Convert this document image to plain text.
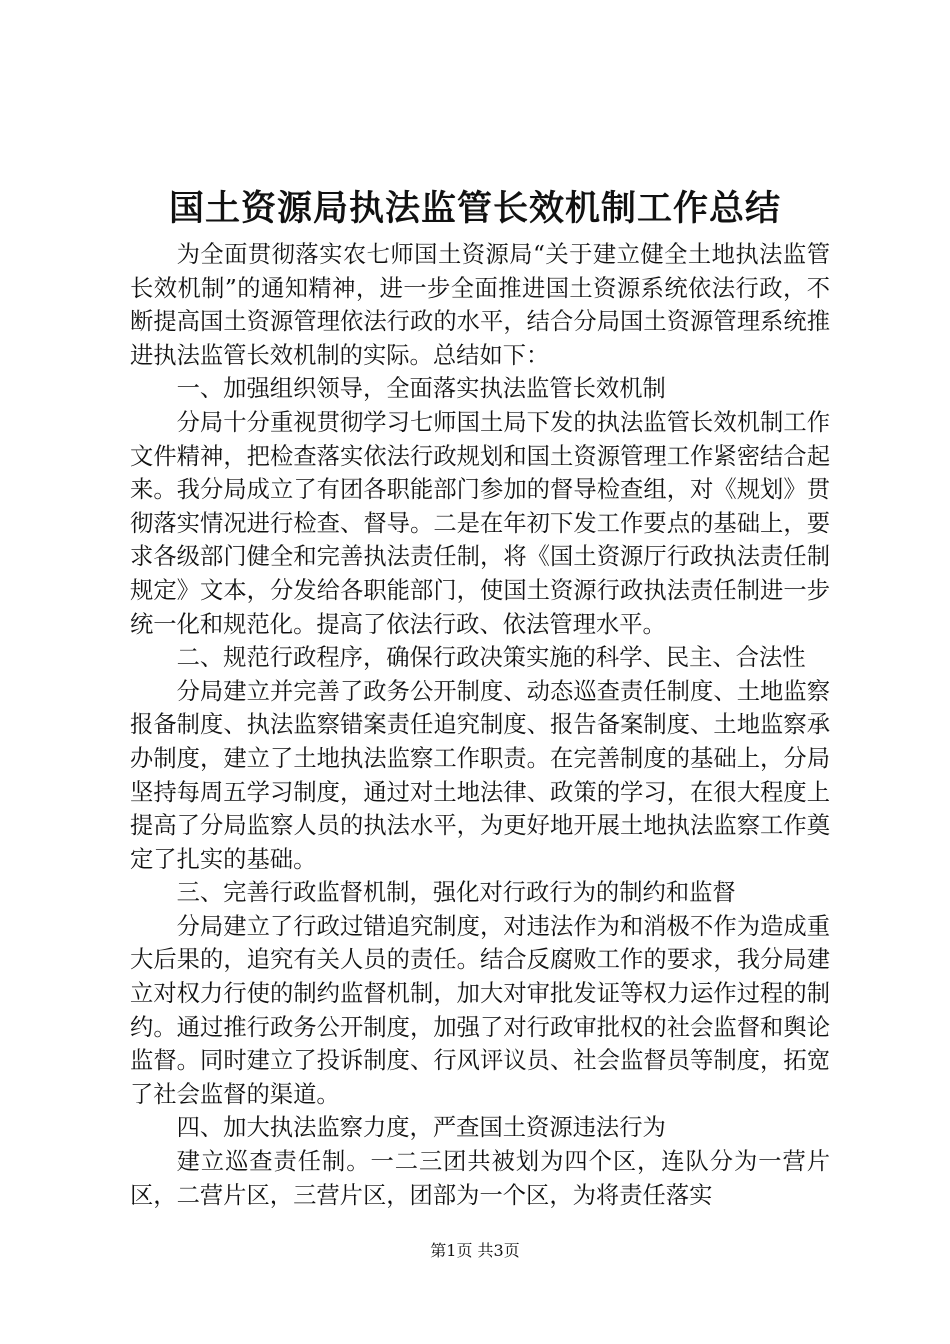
国土资源局执法监管长效机制工作总结

为全面贯彻落实农七师国土资源局“关于建立健全土地执法监管长效机制”的通知精神，进一步全面推进国土资源系统依法行政，不断提高国土资源管理依法行政的水平，结合分局国土资源管理系统推进执法监管长效机制的实际。总结如下：

一、加强组织领导，全面落实执法监管长效机制

分局十分重视贯彻学习七师国土局下发的执法监管长效机制工作文件精神，把检查落实依法行政规划和国土资源管理工作紧密结合起来。我分局成立了有团各职能部门参加的督导检查组，对《规划》贯彻落实情况进行检查、督导。二是在年初下发工作要点的基础上，要求各级部门健全和完善执法责任制，将《国土资源厅行政执法责任制规定》文本，分发给各职能部门，使国土资源行政执法责任制进一步统一化和规范化。提高了依法行政、依法管理水平。

二、规范行政程序，确保行政决策实施的科学、民主、合法性

分局建立并完善了政务公开制度、动态巡查责任制度、土地监察报备制度、执法监察错案责任追究制度、报告备案制度、土地监察承办制度，建立了土地执法监察工作职责。在完善制度的基础上，分局坚持每周五学习制度，通过对土地法律、政策的学习，在很大程度上提高了分局监察人员的执法水平，为更好地开展土地执法监察工作奠定了扎实的基础。

三、完善行政监督机制，强化对行政行为的制约和监督

分局建立了行政过错追究制度，对违法作为和消极不作为造成重大后果的，追究有关人员的责任。结合反腐败工作的要求，我分局建立对权力行使的制约监督机制，加大对审批发证等权力运作过程的制约。通过推行政务公开制度，加强了对行政审批权的社会监督和舆论监督。同时建立了投诉制度、行风评议员、社会监督员等制度，拓宽了社会监督的渠道。

四、加大执法监察力度，严查国土资源违法行为

建立巡查责任制。一二三团共被划为四个区，连队分为一营片区，二营片区，三营片区，团部为一个区，为将责任落实

第1页 共3页
